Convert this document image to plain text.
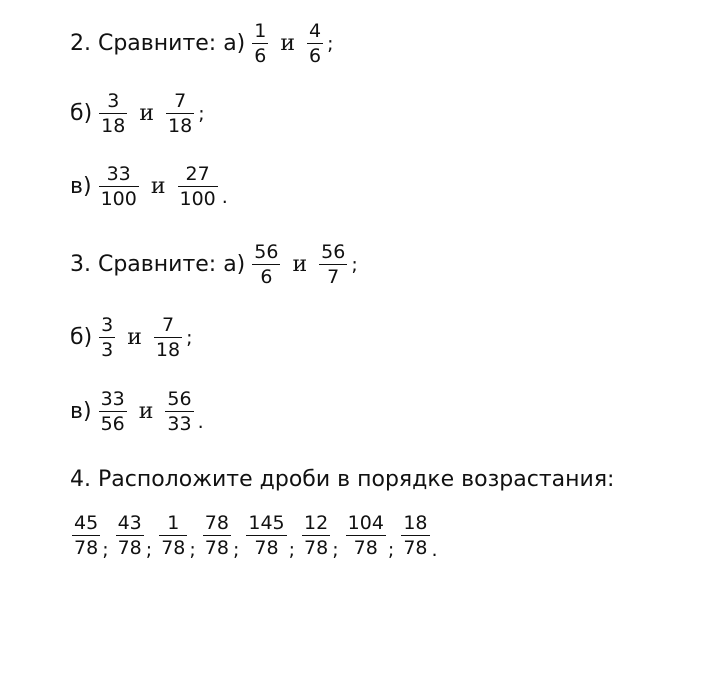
2. Сравните: $а) \frac{1}{6}$ и $\frac{4}{6}$ ;
$б) \frac{3}{18}$ и $\frac{7}{18}$ ;
$в) \frac{33}{100}$ и $\frac{27}{100}$ .
3. Сравните: $а) \frac{56}{6}$ и $\frac{56}{7}$ ;
$б) \frac{3}{3}$ и $\frac{7}{18}$ ;
$в) \frac{33}{56}$ и $\frac{56}{33}$ .
4. Расположите дроби в порядке возрастания:
$\frac{45}{78}$ ; $\frac{43}{78}$ ; $\frac{1}{78}$ ; $\frac{78}{78}$ ; $\frac{145}{78}$ ; $\frac{12}{78}$ ; $\frac{104}{78}$ ; $\frac{18}{78}$ .
